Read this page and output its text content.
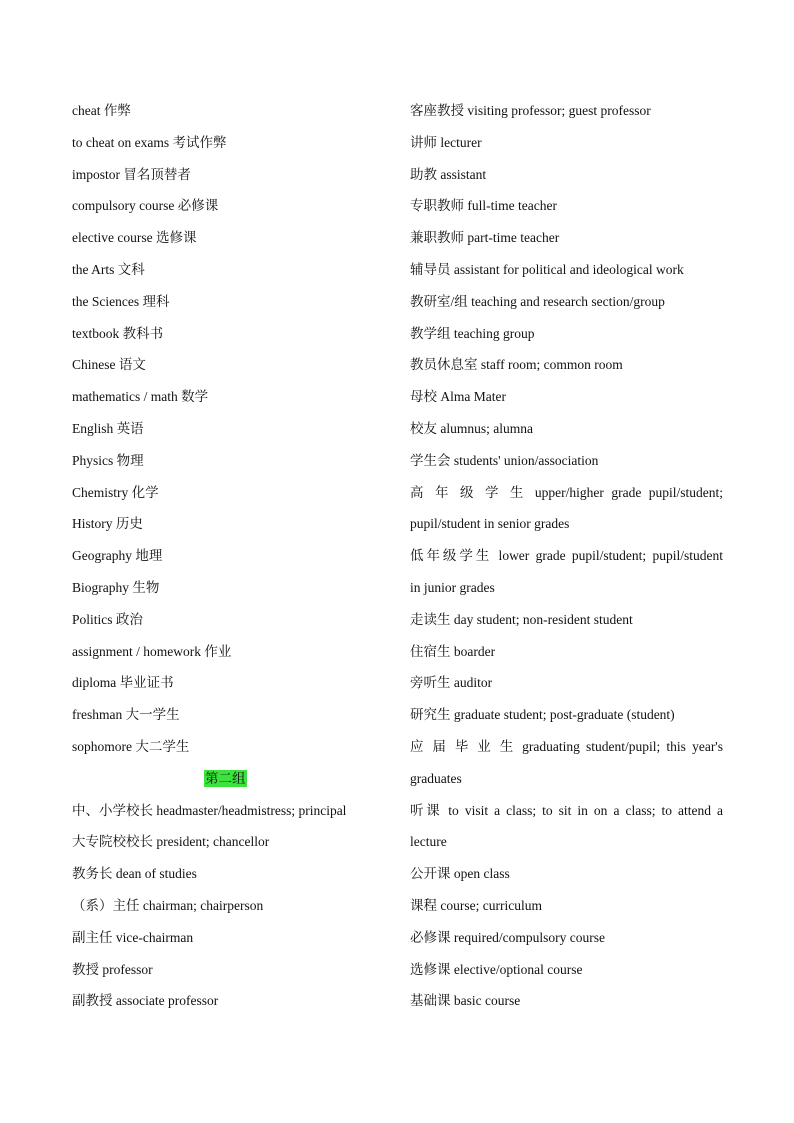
cheat 作弊
to cheat on exams 考试作弊
impostor 冒名顶替者
compulsory course 必修课
elective course 选修课
the Arts 文科
the Sciences 理科
textbook 教科书
Chinese 语文
mathematics / math 数学
English 英语
Physics 物理
Chemistry 化学
History 历史
Geography 地理
Biography 生物
Politics 政治
assignment / homework 作业
diploma 毕业证书
freshman 大一学生
sophomore 大二学生
第二组
中、小学校长 headmaster/headmistress; principal
大专院校校长 president; chancellor
教务长 dean of studies
（系）主任 chairman; chairperson
副主任 vice-chairman
教授 professor
副教授 associate professor
客座教授 visiting professor; guest professor
讲师 lecturer
助教 assistant
专职教师 full-time teacher
兼职教师 part-time teacher
辅导员 assistant for political and ideological work
教研室/组 teaching and research section/group
教学组 teaching group
教员休息室 staff room; common room
母校 Alma Mater
校友 alumnus; alumna
学生会 students' union/association
高 年 级 学 生 upper/higher grade pupil/student;
pupil/student in senior grades
低年级学生 lower grade pupil/student; pupil/student
in junior grades
走读生 day student; non-resident student
住宿生 boarder
旁听生 auditor
研究生 graduate student; post-graduate (student)
应 届 毕 业 生 graduating student/pupil; this year's
graduates
听课 to visit a class; to sit in on a class; to attend a
lecture
公开课 open class
课程 course; curriculum
必修课 required/compulsory course
选修课 elective/optional course
基础课 basic course
